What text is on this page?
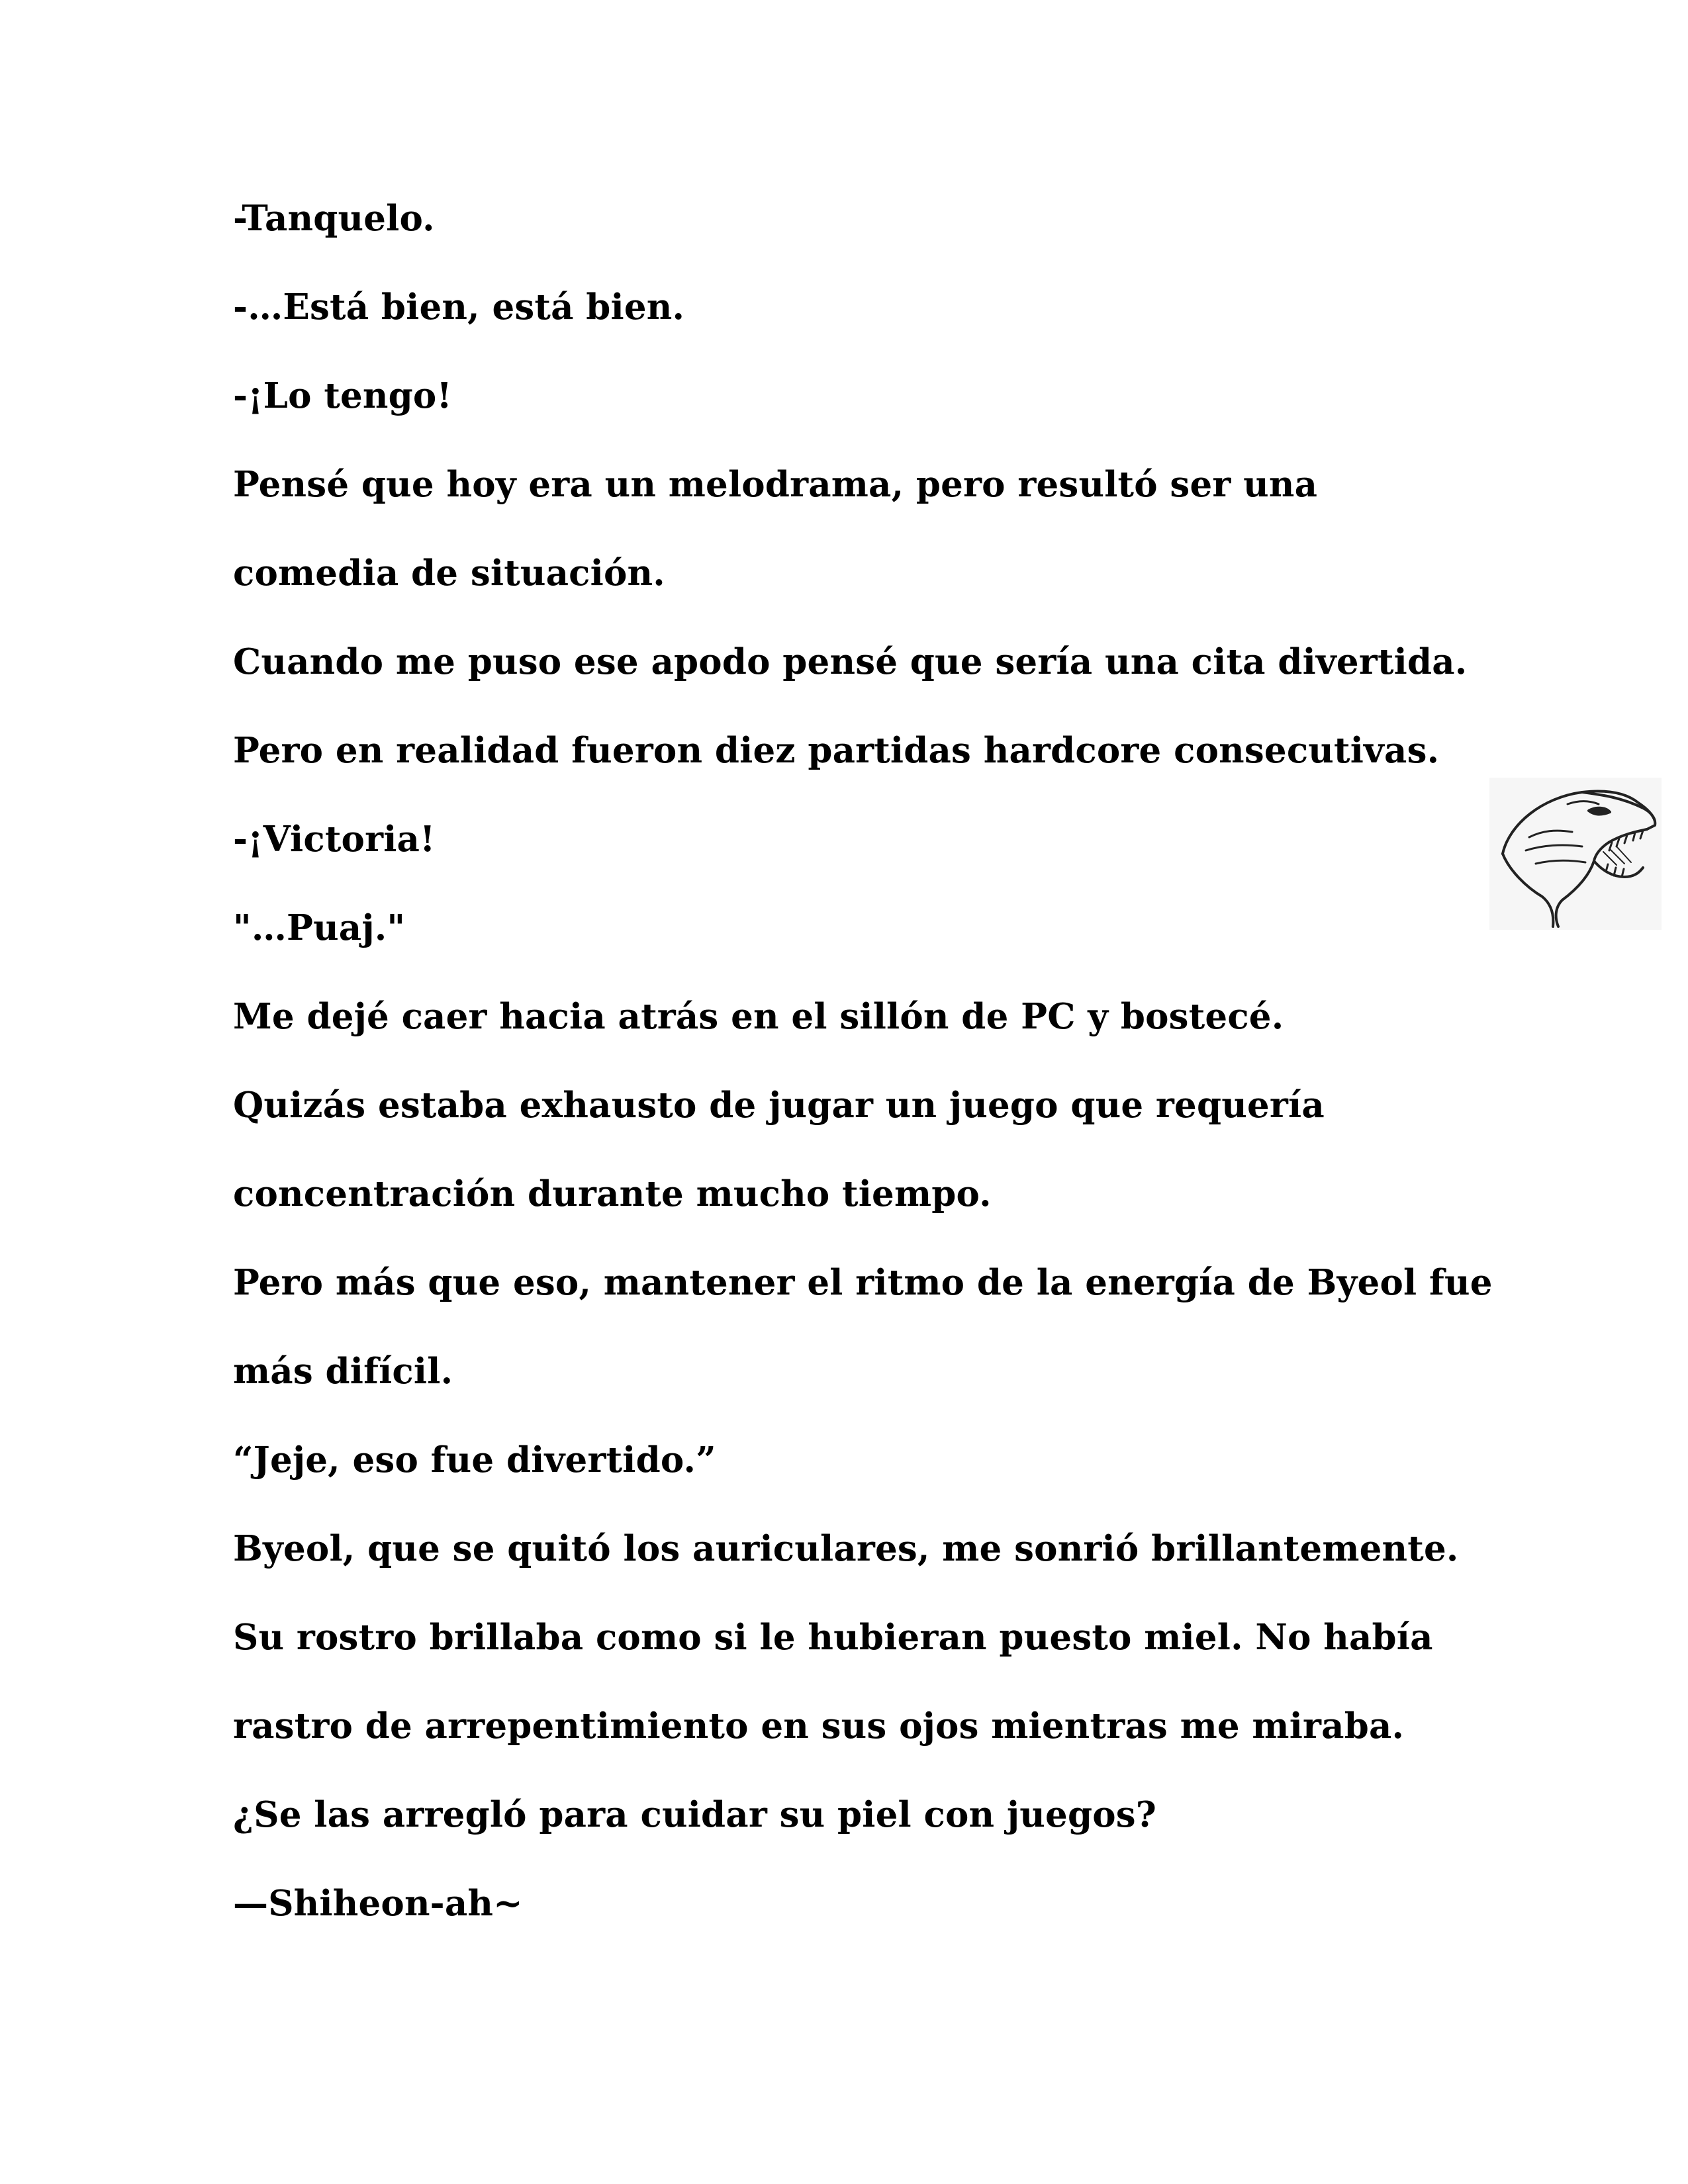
-Tanquelo.
-…Está bien, está bien.
-¡Lo tengo!
Pensé que hoy era un melodrama, pero resultó ser una
comedia de situación.
Cuando me puso ese apodo pensé que sería una cita divertida.
Pero en realidad fueron diez partidas hardcore consecutivas.
-¡Victoria!
"…Puaj."
Me dejé caer hacia atrás en el sillón de PC y bostecé.
Quizás estaba exhausto de jugar un juego que requería
concentración durante mucho tiempo.
Pero más que eso, mantener el ritmo de la energía de Byeol fue
más difícil.
“Jeje, eso fue divertido.”
Byeol, que se quitó los auriculares, me sonrió brillantemente.
Su rostro brillaba como si le hubieran puesto miel. No había
rastro de arrepentimiento en sus ojos mientras me miraba.
¿Se las arregló para cuidar su piel con juegos?
—Shiheon-ah~
